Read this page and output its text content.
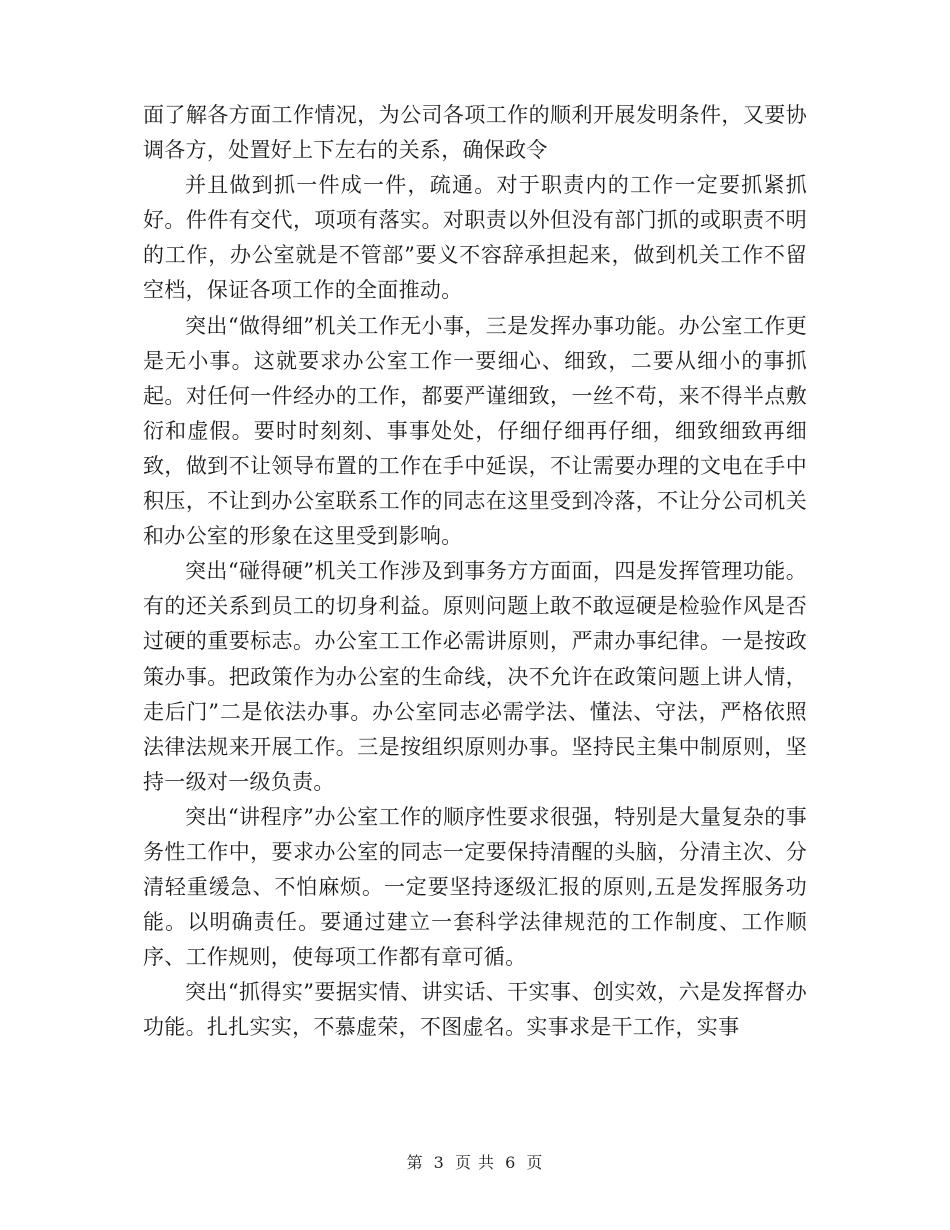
面了解各方面工作情况，为公司各项工作的顺利开展发明条件，又要协调各方，处置好上下左右的关系，确保政令

并且做到抓一件成一件，疏通。对于职责内的工作一定要抓紧抓好。件件有交代，项项有落实。对职责以外但没有部门抓的或职责不明的工作，办公室就是不管部”要义不容辞承担起来，做到机关工作不留空档，保证各项工作的全面推动。

突出“做得细”机关工作无小事，三是发挥办事功能。办公室工作更是无小事。这就要求办公室工作一要细心、细致，二要从细小的事抓起。对任何一件经办的工作，都要严谨细致，一丝不苟，来不得半点敷衍和虚假。要时时刻刻、事事处处，仔细仔细再仔细，细致细致再细致，做到不让领导布置的工作在手中延误，不让需要办理的文电在手中积压，不让到办公室联系工作的同志在这里受到冷落，不让分公司机关和办公室的形象在这里受到影响。

突出“碰得硬”机关工作涉及到事务方方面面，四是发挥管理功能。有的还关系到员工的切身利益。原则问题上敢不敢逗硬是检验作风是否过硬的重要标志。办公室工工作必需讲原则，严肃办事纪律。一是按政策办事。把政策作为办公室的生命线，决不允许在政策问题上讲人情，走后门”二是依法办事。办公室同志必需学法、懂法、守法，严格依照法律法规来开展工作。三是按组织原则办事。坚持民主集中制原则，坚持一级对一级负责。

突出“讲程序”办公室工作的顺序性要求很强，特别是大量复杂的事务性工作中，要求办公室的同志一定要保持清醒的头脑，分清主次、分清轻重缓急、不怕麻烦。一定要坚持逐级汇报的原则,五是发挥服务功能。以明确责任。要通过建立一套科学法律规范的工作制度、工作顺序、工作规则，使每项工作都有章可循。

突出“抓得实”要据实情、讲实话、干实事、创实效，六是发挥督办功能。扎扎实实，不慕虚荣，不图虚名。实事求是干工作，实事

第 3 页 共 6 页
